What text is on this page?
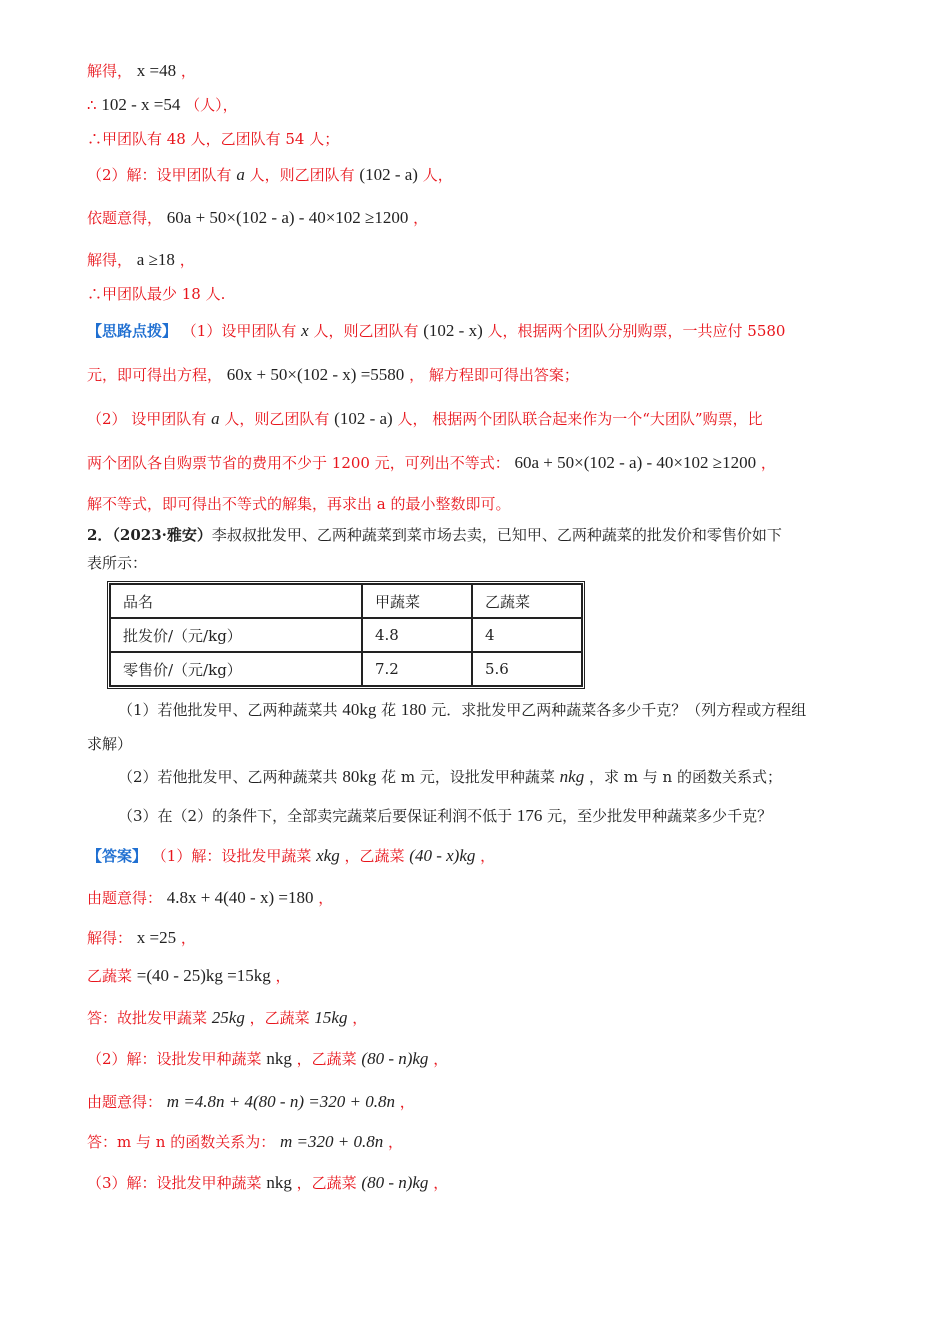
解得， x =48 ，
∴ 102 - x =54 （人），
∴甲团队有 48 人，乙团队有 54 人；
（2）解：设甲团队有 a 人，则乙团队有 (102 - a) 人，
依题意得， 60a + 50×(102 - a) - 40×102 ≥1200 ，
解得， a ≥18 ，
∴甲团队最少 18 人.
【思路点拨】 （1）设甲团队有 x 人，则乙团队有 (102 - x) 人，根据两个团队分别购票，一共应付 5580
元，即可得出方程， 60x + 50×(102 - x) =5580 ， 解方程即可得出答案；
（2） 设甲团队有 a 人，则乙团队有 (102 - a) 人， 根据两个团队联合起来作为一个“大团队”购票，比
两个团队各自购票节省的费用不少于 1200 元，可列出不等式： 60a + 50×(102 - a) - 40×102 ≥1200 ，
解不等式，即可得出不等式的解集，再求出 a 的最小整数即可。
2．（2023·雅安）李叔叔批发甲、乙两种蔬菜到菜市场去卖，已知甲、乙两种蔬菜的批发价和零售价如下
表所示：
品名	甲蔬菜	乙蔬菜
批发价/（元/kg）	4.8	4
零售价/（元/kg）	7.2	5.6
（1）若他批发甲、乙两种蔬菜共 40kg 花 180 元．求批发甲乙两种蔬菜各多少千克？（列方程或方程组
求解）
（2）若他批发甲、乙两种蔬菜共 80kg 花 m 元，设批发甲种蔬菜 nkg ，求 m 与 n 的函数关系式；
（3）在（2）的条件下，全部卖完蔬菜后要保证利润不低于 176 元，至少批发甲种蔬菜多少千克？
【答案】 （1）解：设批发甲蔬菜 xkg ，乙蔬菜 (40 - x)kg ，
由题意得： 4.8x + 4(40 - x) =180 ，
解得： x =25 ，
乙蔬菜 =(40 - 25)kg =15kg ，
答：故批发甲蔬菜 25kg ，乙蔬菜 15kg ，
（2）解：设批发甲种蔬菜 nkg ，乙蔬菜 (80 - n)kg ，
由题意得： m =4.8n + 4(80 - n) =320 + 0.8n ，
答：m 与 n 的函数关系为： m =320 + 0.8n ，
（3）解：设批发甲种蔬菜 nkg ，乙蔬菜 (80 - n)kg ，
